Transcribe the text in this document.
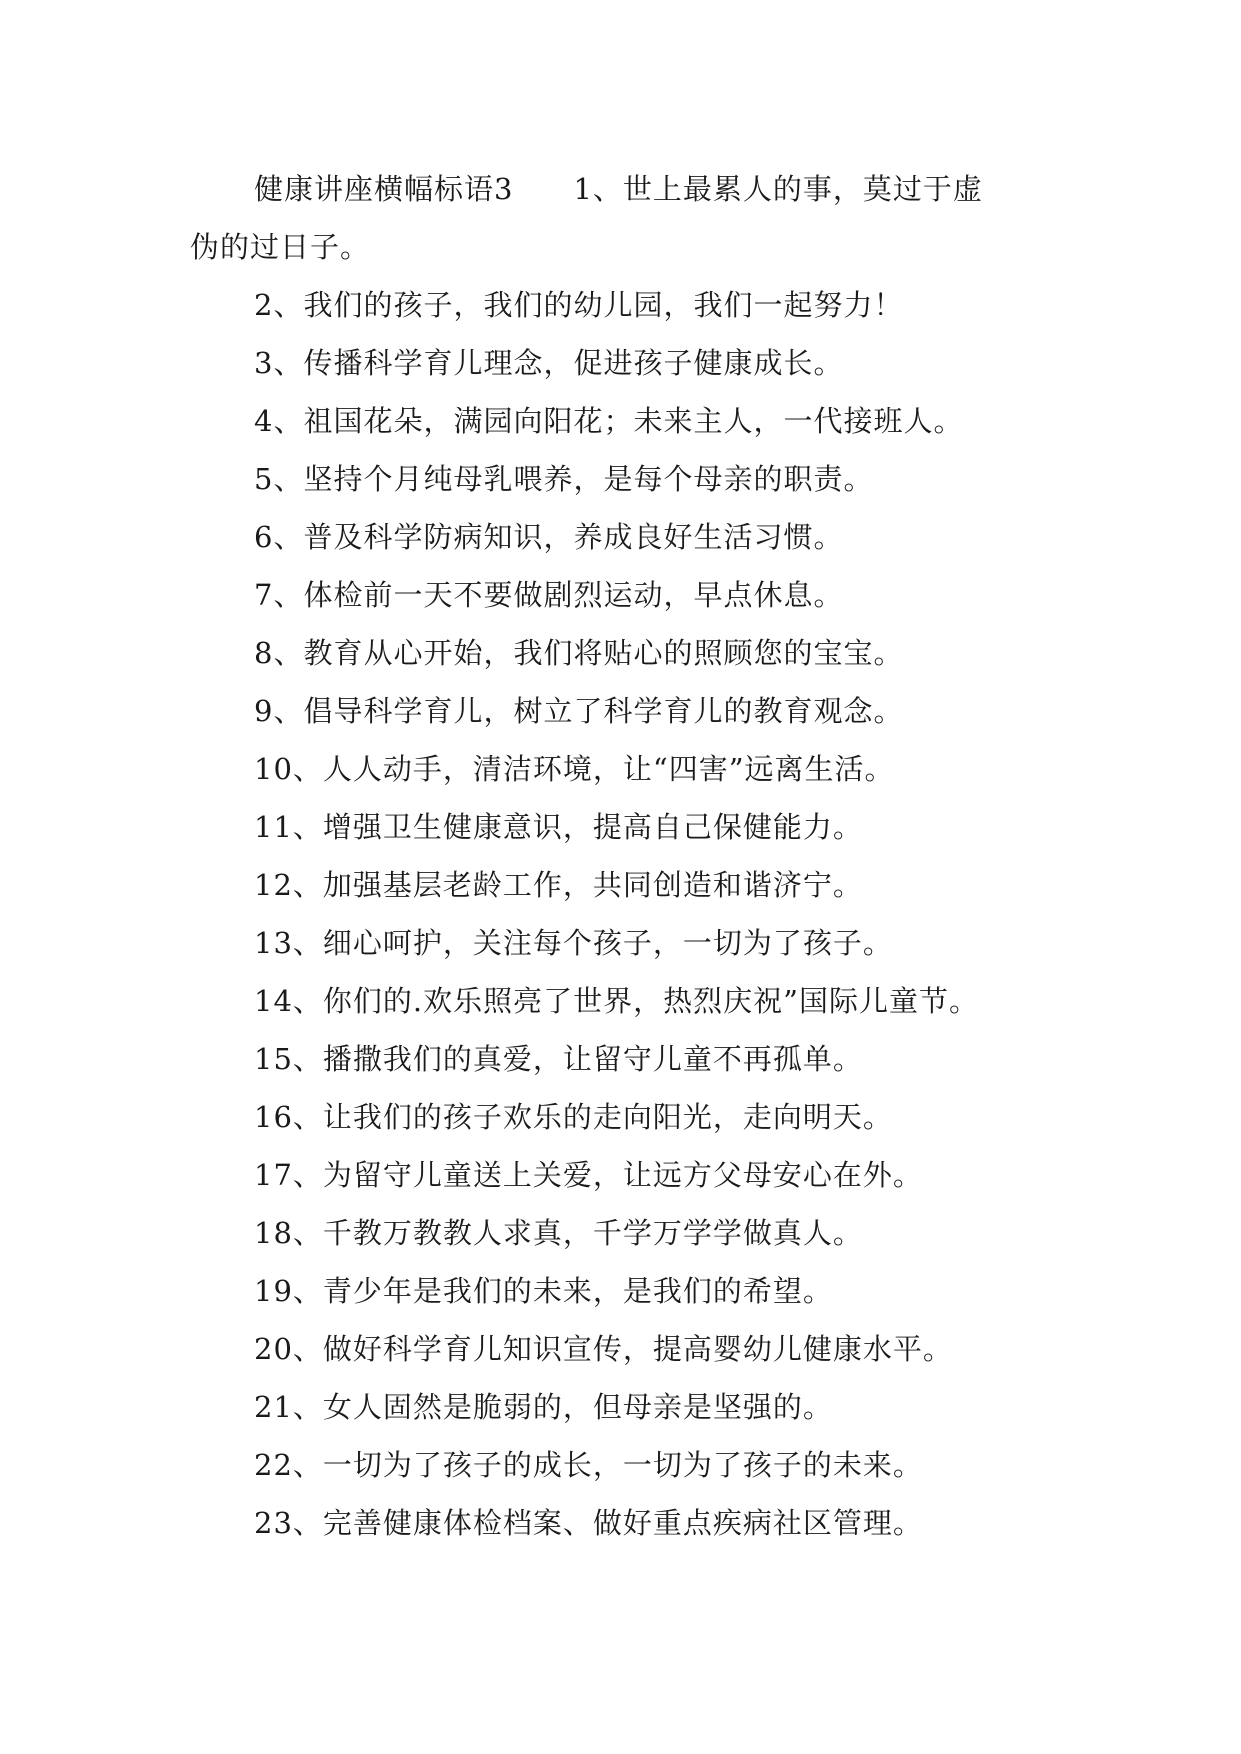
健康讲座横幅标语3 1、世上最累人的事，莫过于虚

伪的过日子。

2、我们的孩子，我们的幼儿园，我们一起努力！

3、传播科学育儿理念，促进孩子健康成长。

4、祖国花朵，满园向阳花；未来主人，一代接班人。

5、坚持个月纯母乳喂养，是每个母亲的职责。

6、普及科学防病知识，养成良好生活习惯。

7、体检前一天不要做剧烈运动，早点休息。

8、教育从心开始，我们将贴心的照顾您的宝宝。

9、倡导科学育儿，树立了科学育儿的教育观念。

10、人人动手，清洁环境，让“四害”远离生活。

11、增强卫生健康意识，提高自己保健能力。

12、加强基层老龄工作，共同创造和谐济宁。

13、细心呵护，关注每个孩子，一切为了孩子。

14、你们的.欢乐照亮了世界，热烈庆祝”国际儿童节。

15、播撒我们的真爱，让留守儿童不再孤单。

16、让我们的孩子欢乐的走向阳光，走向明天。

17、为留守儿童送上关爱，让远方父母安心在外。

18、千教万教教人求真，千学万学学做真人。

19、青少年是我们的未来，是我们的希望。

20、做好科学育儿知识宣传，提高婴幼儿健康水平。

21、女人固然是脆弱的，但母亲是坚强的。

22、一切为了孩子的成长，一切为了孩子的未来。

23、完善健康体检档案、做好重点疾病社区管理。
